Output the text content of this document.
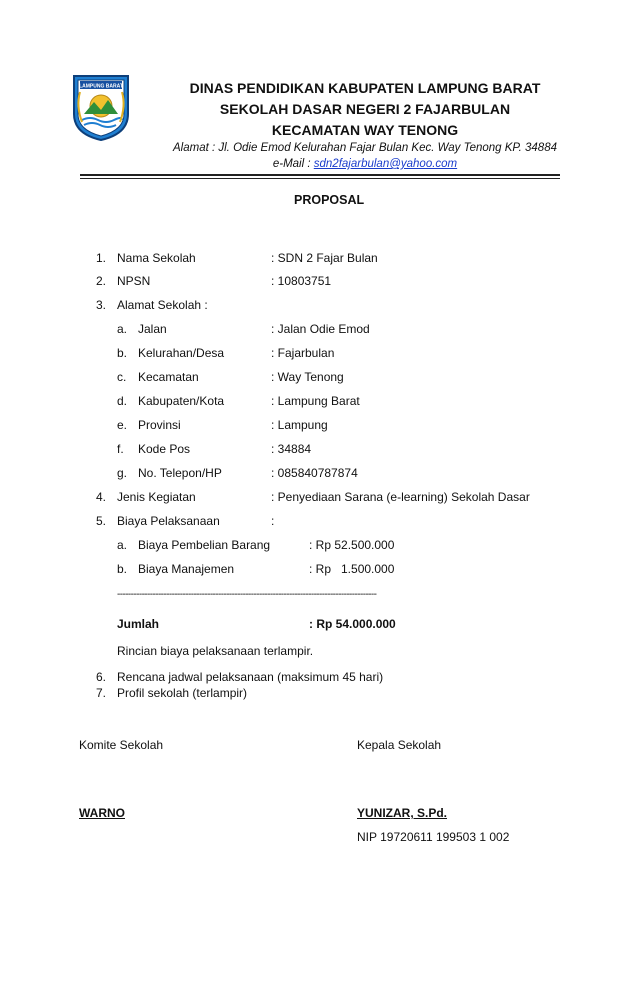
LAMPUNG BARAT	DINAS PENDIDIKAN KABUPATEN LAMPUNG BARAT
SEKOLAH DASAR NEGERI 2 FAJARBULAN
KECAMATAN WAY TENONG
Alamat : Jl. Odie Emod Kelurahan Fajar Bulan Kec. Way Tenong KP. 34884
e-Mail : sdn2fajarbulan@yahoo.com
PROPOSAL
1. Nama Sekolah	: SDN 2 Fajar Bulan
2. NPSN	: 10803751
3. Alamat Sekolah :
a. Jalan	: Jalan Odie Emod
b. Kelurahan/Desa	: Fajarbulan
c. Kecamatan	: Way Tenong
d. Kabupaten/Kota	: Lampung Barat
e. Provinsi	: Lampung
f. Kode Pos	: 34884
g. No. Telepon/HP	: 085840787874
4. Jenis Kegiatan	: Penyediaan Sarana (e-learning) Sekolah Dasar
5. Biaya Pelaksanaan	:
a. Biaya Pembelian Barang	: Rp 52.500.000
b. Biaya Manajemen	: Rp   1.500.000
-----------------------------------------------------------------------------------------------
Jumlah	: Rp 54.000.000
Rincian biaya pelaksanaan terlampir.
6. Rencana jadwal pelaksanaan (maksimum 45 hari)
7. Profil sekolah (terlampir)
Komite Sekolah	Kepala Sekolah
WARNO	YUNIZAR, S.Pd.
NIP 19720611 199503 1 002
